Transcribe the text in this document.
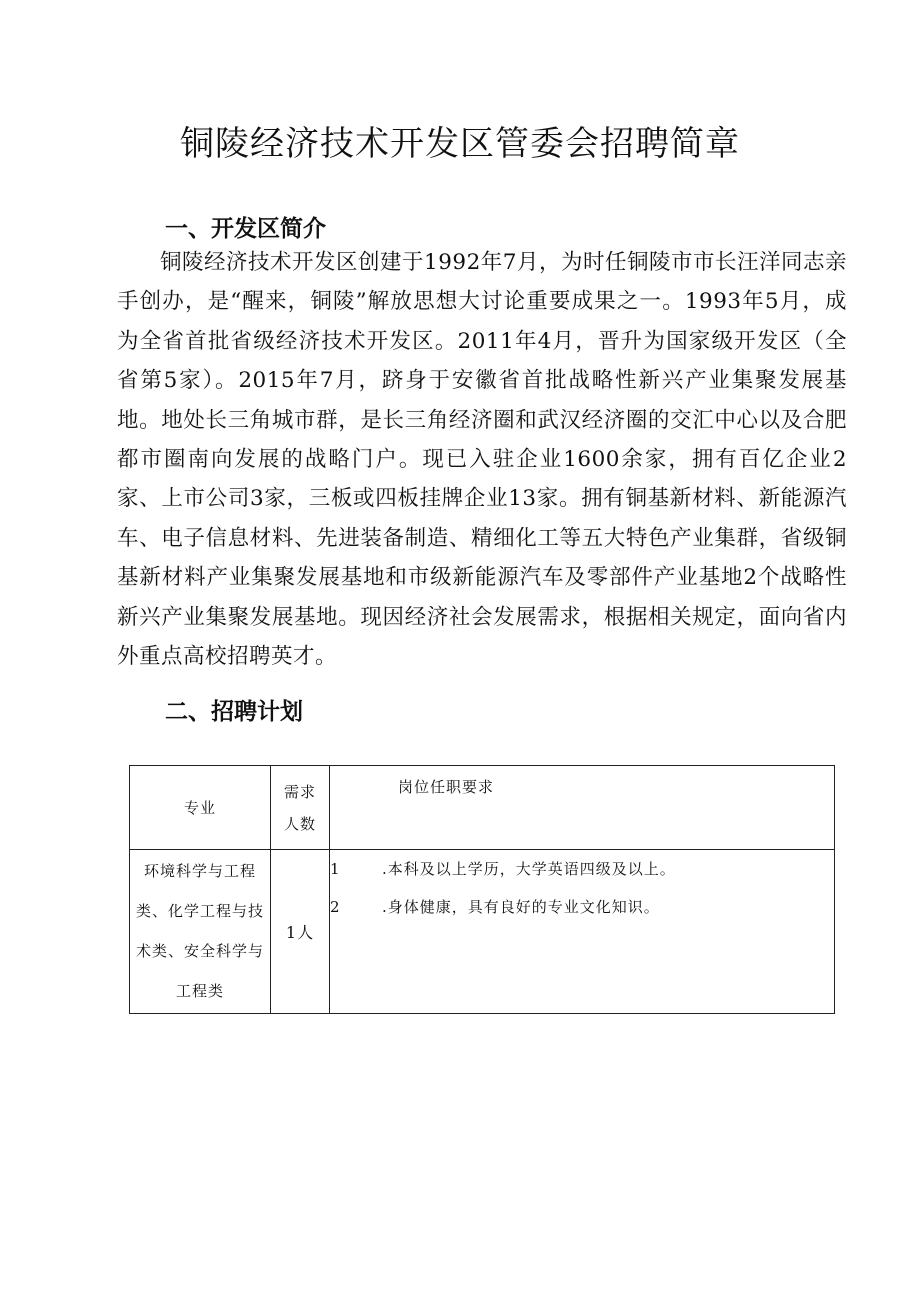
铜陵经济技术开发区管委会招聘简章
一、开发区简介

铜陵经济技术开发区创建于1992年7月，为时任铜陵市市长汪洋同志亲手创办，是“醒来，铜陵”解放思想大讨论重要成果之一。1993年5月，成为全省首批省级经济技术开发区。2011年4月，晋升为国家级开发区（全省第5家）。2015年7月，跻身于安徽省首批战略性新兴产业集聚发展基地。地处长三角城市群，是长三角经济圈和武汉经济圈的交汇中心以及合肥都市圈南向发展的战略门户。现已入驻企业1600余家，拥有百亿企业2家、上市公司3家，三板或四板挂牌企业13家。拥有铜基新材料、新能源汽车、电子信息材料、先进装备制造、精细化工等五大特色产业集群，省级铜基新材料产业集聚发展基地和市级新能源汽车及零部件产业基地2个战略性新兴产业集聚发展基地。现因经济社会发展需求，根据相关规定，面向省内外重点高校招聘英才。

二、招聘计划
专业	需求人数	岗位任职要求

环境科学与工程类、化学工程与技术类、安全科学与工程类	1人	1 .本科及以上学历，大学英语四级及以上。
2 .身体健康，具有良好的专业文化知识。
